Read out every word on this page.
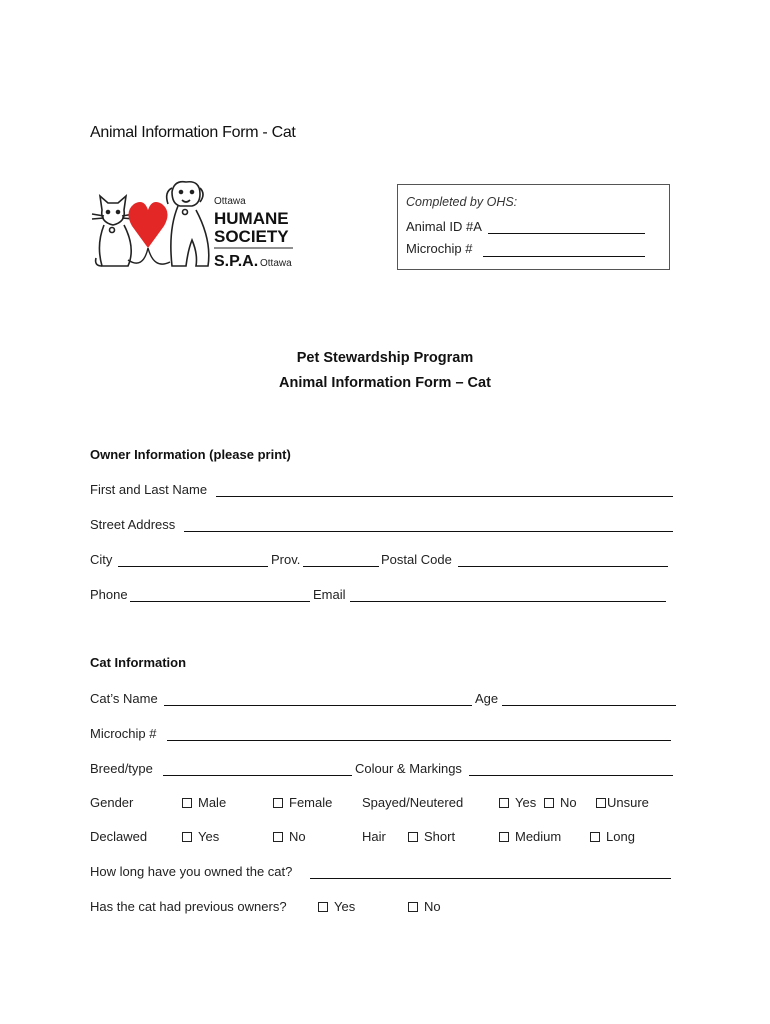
Animal Information Form - Cat
Ottawa
HUMANE
SOCIETY
S.P.A. Ottawa
Completed by OHS:
Animal ID #A
Microchip #
Pet Stewardship Program
Animal Information Form – Cat
Owner Information (please print)
First and Last Name
Street Address
City	Prov.	Postal Code
Phone	Email
Cat Information
Cat’s Name	Age
Microchip #
Breed/type	Colour & Markings
Gender	Male	Female Spayed/Neutered	Yes	No	Unsure
Declawed	Yes	No	Hair	Short	Medium	Long
How long have you owned the cat?
Has the cat had previous owners?	Yes	No
